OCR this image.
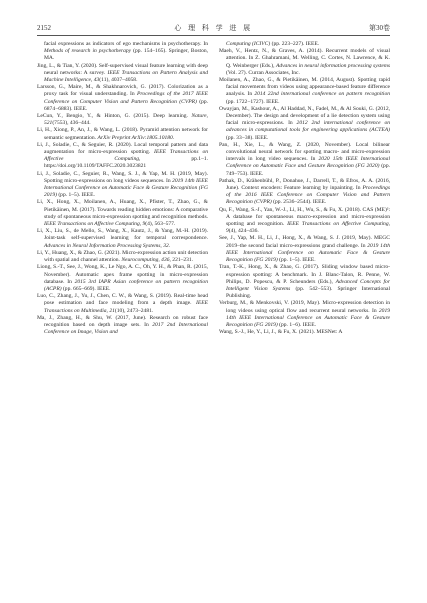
2152	心 理 科 学 进 展	第30卷

facial expressions as indicators of ego mechanisms in psychotherapy. In Methods of research in psychotherapy (pp. 154–165). Springer, Boston, MA.

Jing, L., & Tian, Y. (2020). Self-supervised visual feature learning with deep neural networks: A survey. IEEE Transactions on Pattern Analysis and Machine Intelligence, 43(11), 4037–4058.

Larsson, G., Maire, M., & Shakhnarovich, G. (2017). Colorization as a proxy task for visual understanding. In Proceedings of the 2017 IEEE Conference on Computer Vision and Pattern Recognition (CVPR) (pp. 6874−6883). IEEE.

LeCun, Y., Bengio, Y., & Hinton, G. (2015). Deep learning. Nature, 521(7553), 436–444.

Li, H., Xiong, P., An, J., & Wang, L. (2018). Pyramid attention network for semantic segmentation. ArXiv Preprint ArXiv:1805.10180.

Li, J., Soladie, C., & Seguier, R. (2020). Local temporal pattern and data augmentation for micro-expression spotting. IEEE Transactions on Affective Computing, pp.1–1. https://doi.org/10.1109/TAFFC.2020.3023821

Li, J., Soladie, C., Seguier, R., Wang, S. J., & Yap, M. H. (2019, May). Spotting micro-expressions on long videos sequences. In 2019 14th IEEE International Conference on Automatic Face & Gesture Recognition (FG 2019) (pp. 1–5). IEEE.

Li, X., Hong, X., Moilanen, A., Huang, X., Pfister, T., Zhao, G., & Pietikäinen, M. (2017). Towards reading hidden emotions: A comparative study of spontaneous micro-expression spotting and recognition methods. IEEE Transactions on Affective Computing, 9(4), 563–577.

Li, X., Liu, S., de Mello, S., Wang, X., Kautz, J., & Yang, M.-H. (2019). Joint-task self-supervised learning for temporal correspondence. Advances in Neural Information Processing Systems, 32.

Li, Y., Huang, X., & Zhao, G. (2021). Micro-expression action unit detection with spatial and channel attention. Neurocomputing, 436, 221–231.

Liong, S.-T., See, J., Wong, K., Le Ngo, A. C., Oh, Y. H., & Phan, R. (2015, November). Automatic apex frame spotting in micro-expression database. In 2015 3rd IAPR Asian conference on pattern recognition (ACPR) (pp. 665–669). IEEE.

Luo, C., Zhang, J., Yu, J., Chen, C. W., & Wang, S. (2019). Real-time head pose estimation and face modeling from a depth image. IEEE Transactions on Multimedia, 21(10), 2473–2481.

Ma, J., Zhang, H., & Shu, W. (2017, June). Research on robust face recognition based on depth image sets. In 2017 2nd International Conference on Image, Vision and

Computing (ICIVC) (pp. 223–227). IEEE.

Maeh, V., Hentz, N., & Graves, A. (2014). Recurrent models of visual attention. In Z. Ghahramani, M. Welling, C. Cortes, N. Lawrence, & K. Q. Weinberger (Eds.), Advances in neural information processing systems (Vol. 27). Curran Associates, Inc.

Moilanen, A., Zhao, G., & Pietikäinen, M. (2014, August). Spotting rapid facial movements from videos using appearance-based feature difference analysis. In 2014 22nd international conference on pattern recognition (pp. 1722−1727). IEEE.

Owayjan, M., Kashour, A., Al Haddad, N., Fadel, M., & Al Souki, G. (2012, December). The design and development of a lie detection system using facial micro-expressions. In 2012 2nd international conference on advances in computational tools for engineering applications (ACTEA) (pp. 33−38). IEEE.

Pan, H., Xie, L., & Wang, Z. (2020, November). Local bilinear convolutional neural network for spotting macro- and micro-expression intervals in long video sequences. In 2020 15th IEEE International Conference on Automatic Face and Gesture Recognition (FG 2020) (pp. 749–753). IEEE.

Pathak, D., Krähenbühl, P., Donahue, J., Darrell, T., & Efros, A. A. (2016, June). Context encoders: Feature learning by inpainting. In Proceedings of the 2016 IEEE Conference on Computer Vision and Pattern Recognition (CVPR) (pp. 2536–2544). IEEE.

Qu, F., Wang, S.-J., Yan, W.-J., Li, H., Wu, S., & Fu, X. (2018). CAS (ME)²: A database for spontaneous macro-expression and micro-expression spotting and recognition. IEEE Transactions on Affective Computing, 9(4), 424–436.

See, J., Yap, M. H., Li, J., Hong, X., & Wang, S. J. (2019, May). MEGC 2019–the second facial micro-expressions grand challenge. In 2019 14th IEEE International Conference on Automatic Face & Gesture Recognition (FG 2019) (pp. 1–5). IEEE.

Tran, T.-K., Hong, X., & Zhao, G. (2017). Sliding window based micro-expression spotting: A benchmark. In J. Blanc-Talon, R. Penne, W. Philips, D. Popescu, & P. Scheunders (Eds.), Advanced Concepts for Intelligent Vision Systems (pp. 542−553). Springer International Publishing.

Verburg, M., & Menkovski, V. (2019, May). Micro-expression detection in long videos using optical flow and recurrent neural networks. In 2019 14th IEEE International Conference on Automatic Face & Gesture Recognition (FG 2019) (pp. 1−6). IEEE.

Wang, S.-J., He, Y., Li, J., & Fu, X. (2021). MESNet: A
